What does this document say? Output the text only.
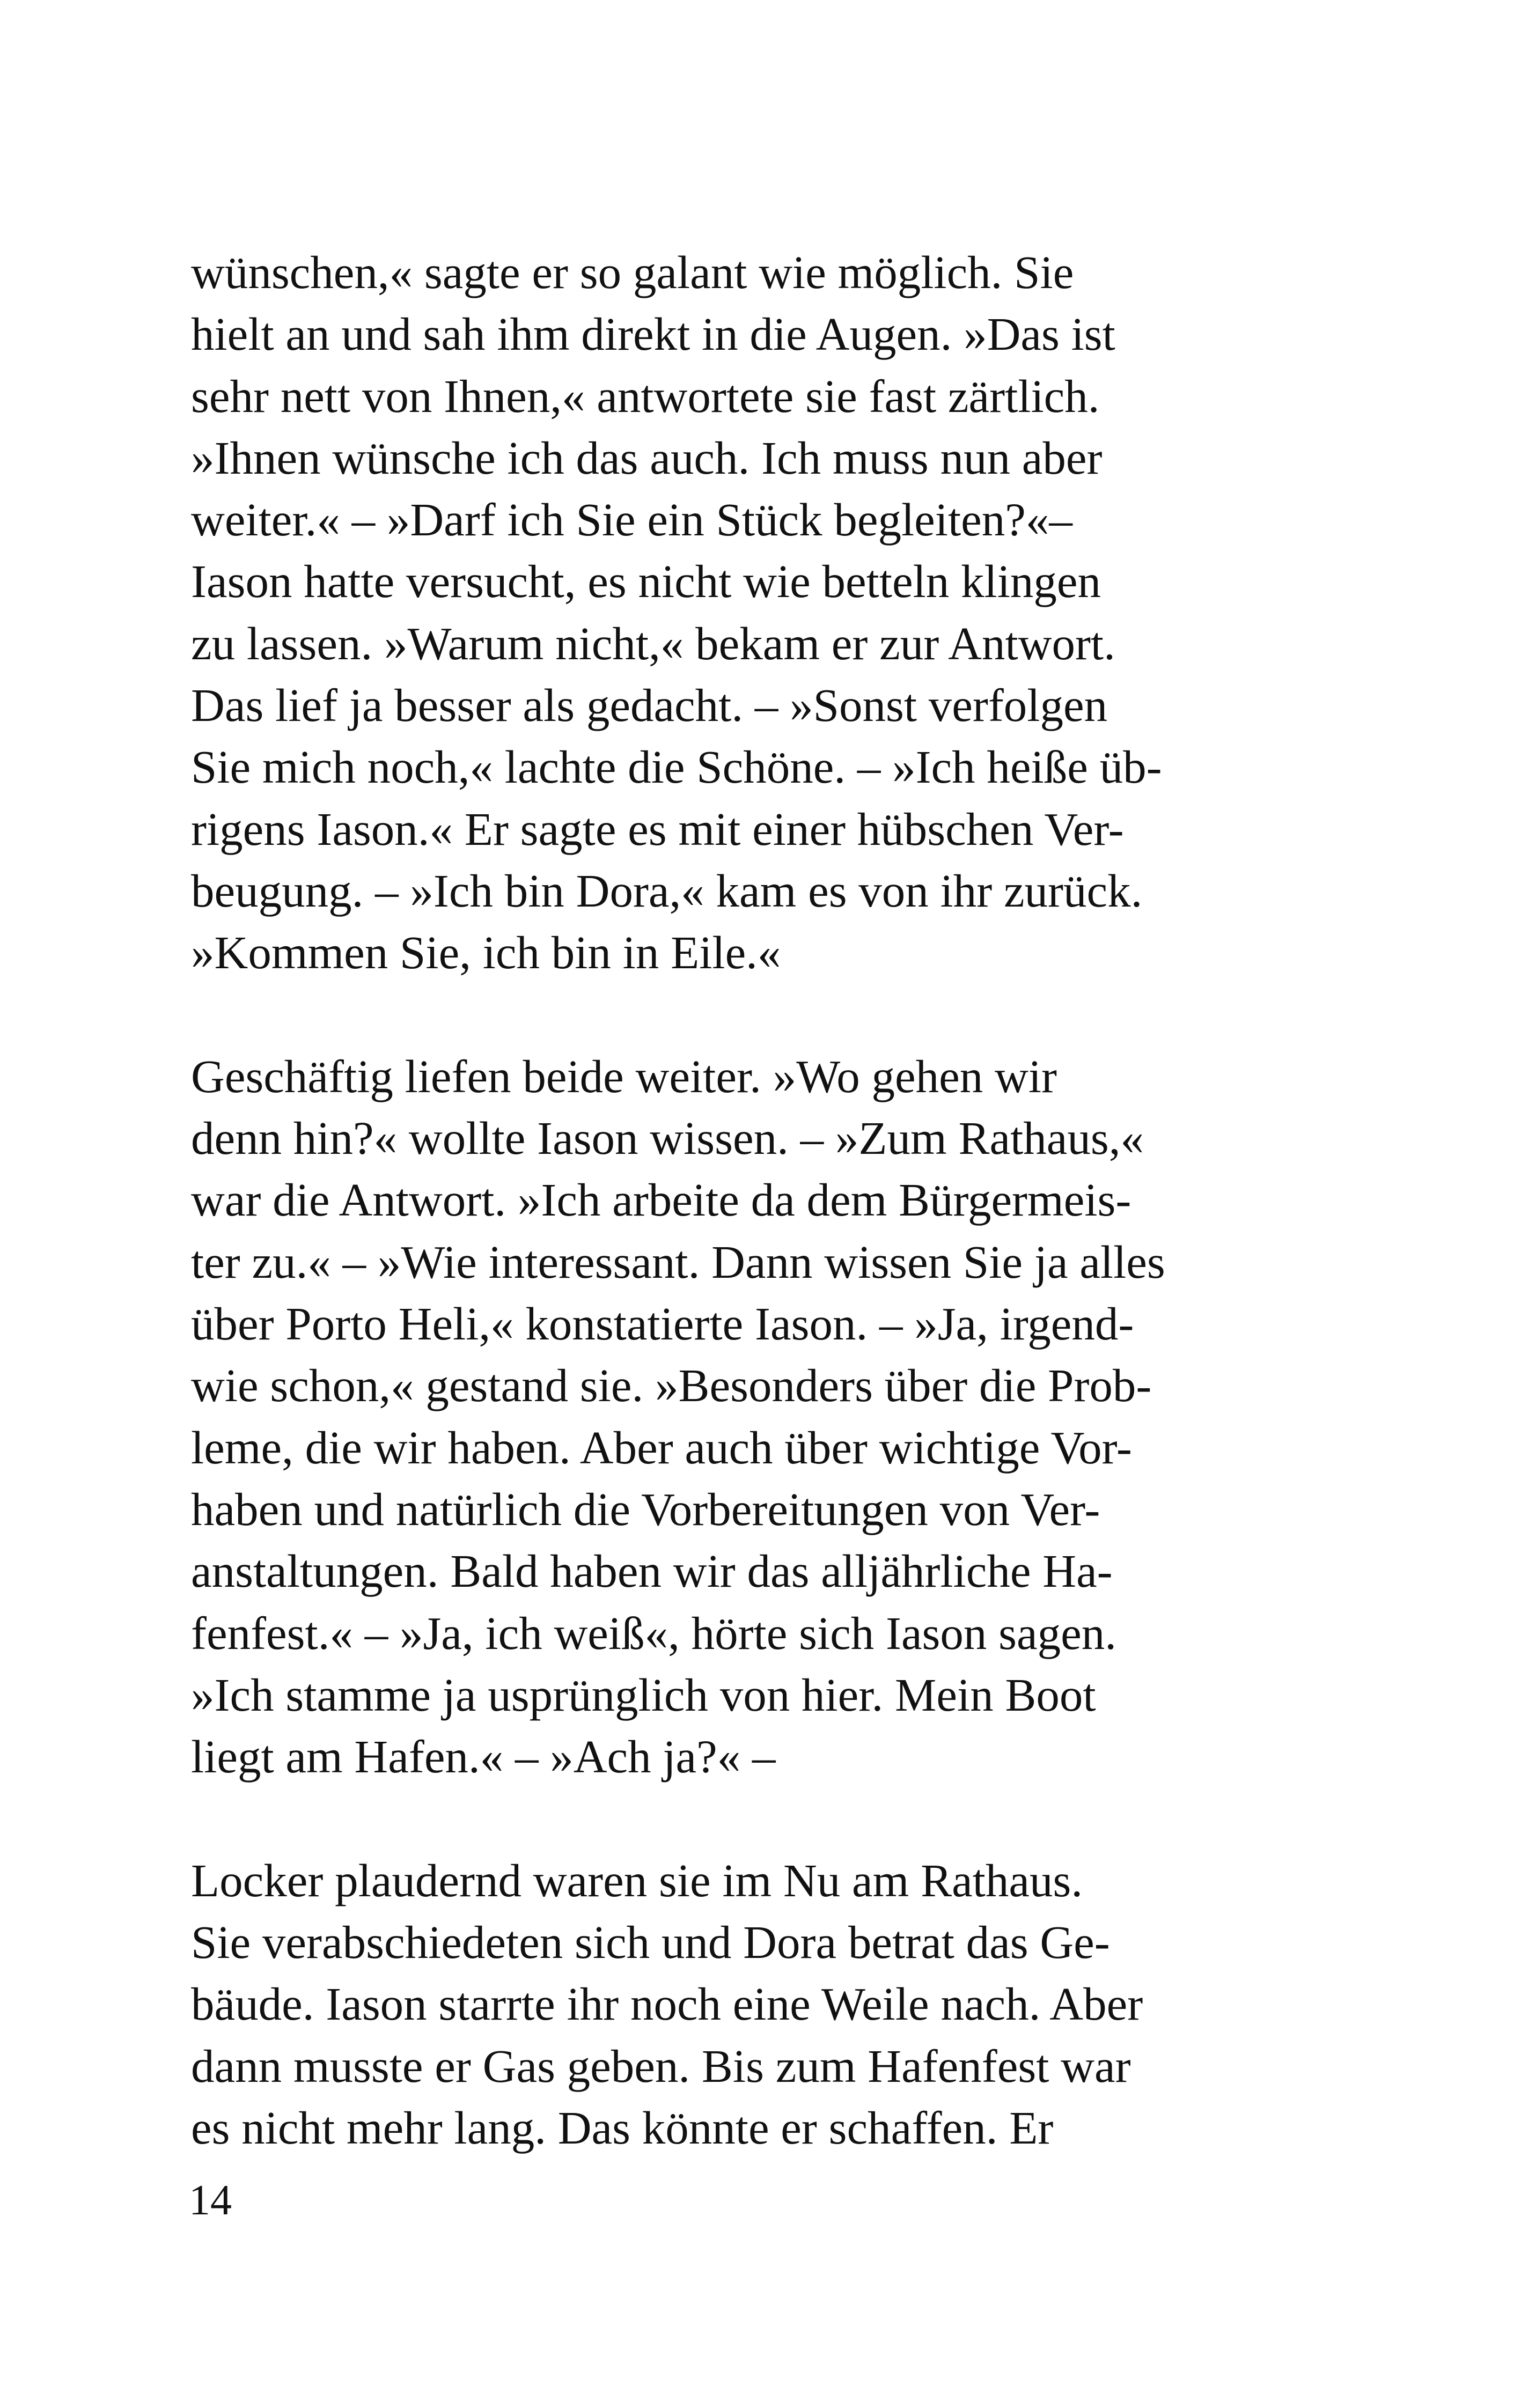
wünschen,« sagte er so galant wie möglich. Sie
hielt an und sah ihm direkt in die Augen. »Das ist
sehr nett von Ihnen,« antwortete sie fast zärtlich.
»Ihnen wünsche ich das auch. Ich muss nun aber
weiter.« – »Darf ich Sie ein Stück begleiten?«–
Iason hatte versucht, es nicht wie betteln klingen
zu lassen. »Warum nicht,« bekam er zur Antwort.
Das lief ja besser als gedacht. – »Sonst verfolgen
Sie mich noch,« lachte die Schöne. – »Ich heiße üb-
rigens Iason.« Er sagte es mit einer hübschen Ver-
beugung. – »Ich bin Dora,« kam es von ihr zurück.
»Kommen Sie, ich bin in Eile.«

Geschäftig liefen beide weiter. »Wo gehen wir
denn hin?« wollte Iason wissen. – »Zum Rathaus,«
war die Antwort. »Ich arbeite da dem Bürgermeis-
ter zu.« – »Wie interessant. Dann wissen Sie ja alles
über Porto Heli,« konstatierte Iason. – »Ja, irgend-
wie schon,« gestand sie. »Besonders über die Prob-
leme, die wir haben. Aber auch über wichtige Vor-
haben und natürlich die Vorbereitungen von Ver-
anstaltungen. Bald haben wir das alljährliche Ha-
fenfest.« – »Ja, ich weiß«, hörte sich Iason sagen.
»Ich stamme ja usprünglich von hier. Mein Boot
liegt am Hafen.« – »Ach ja?« –

Locker plaudernd waren sie im Nu am Rathaus.
Sie verabschiedeten sich und Dora betrat das Ge-
bäude. Iason starrte ihr noch eine Weile nach. Aber
dann musste er Gas geben. Bis zum Hafenfest war
es nicht mehr lang. Das könnte er schaffen. Er

14
